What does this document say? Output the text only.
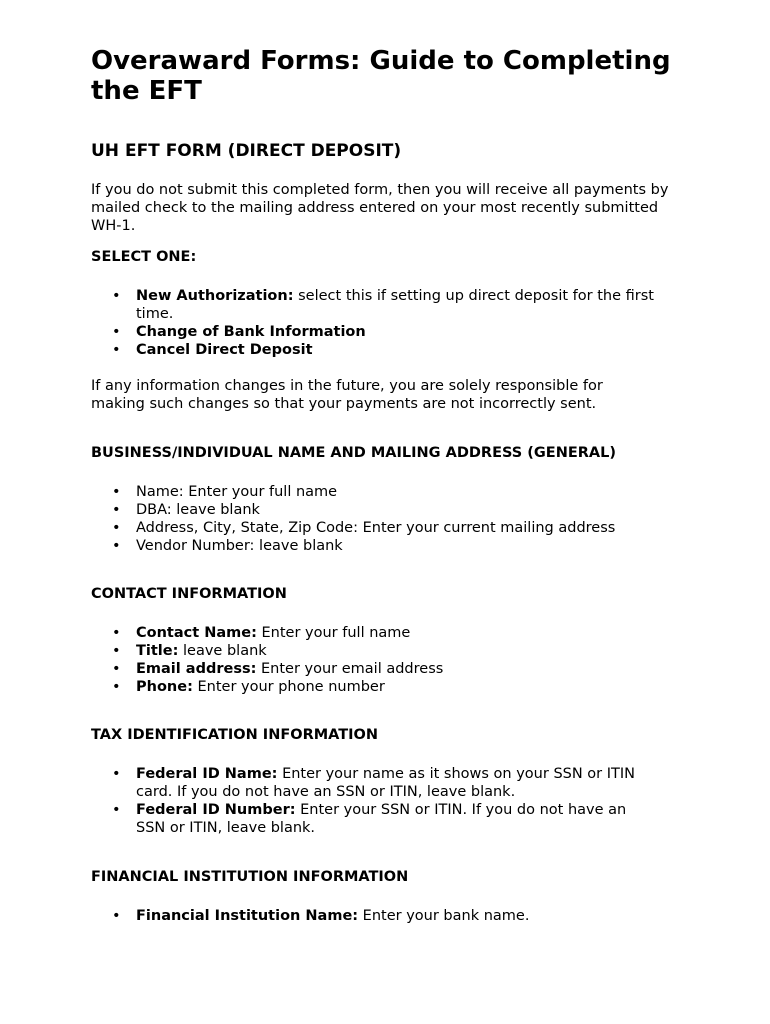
Overaward Forms: Guide to Completing the EFT
UH EFT FORM (DIRECT DEPOSIT)

If you do not submit this completed form, then you will receive all payments by mailed check to the mailing address entered on your most recently submitted WH-1.

SELECT ONE:
• New Authorization: select this if setting up direct deposit for the first time.
• Change of Bank Information
• Cancel Direct Deposit

If any information changes in the future, you are solely responsible for making such changes so that your payments are not incorrectly sent.

BUSINESS/INDIVIDUAL NAME AND MAILING ADDRESS (GENERAL)
• Name: Enter your full name
• DBA: leave blank
• Address, City, State, Zip Code: Enter your current mailing address
• Vendor Number: leave blank
CONTACT INFORMATION
• Contact Name: Enter your full name
• Title: leave blank
• Email address: Enter your email address
• Phone: Enter your phone number
TAX IDENTIFICATION INFORMATION
• Federal ID Name: Enter your name as it shows on your SSN or ITIN card. If you do not have an SSN or ITIN, leave blank.
• Federal ID Number: Enter your SSN or ITIN. If you do not have an SSN or ITIN, leave blank.
FINANCIAL INSTITUTION INFORMATION
• Financial Institution Name: Enter your bank name.
